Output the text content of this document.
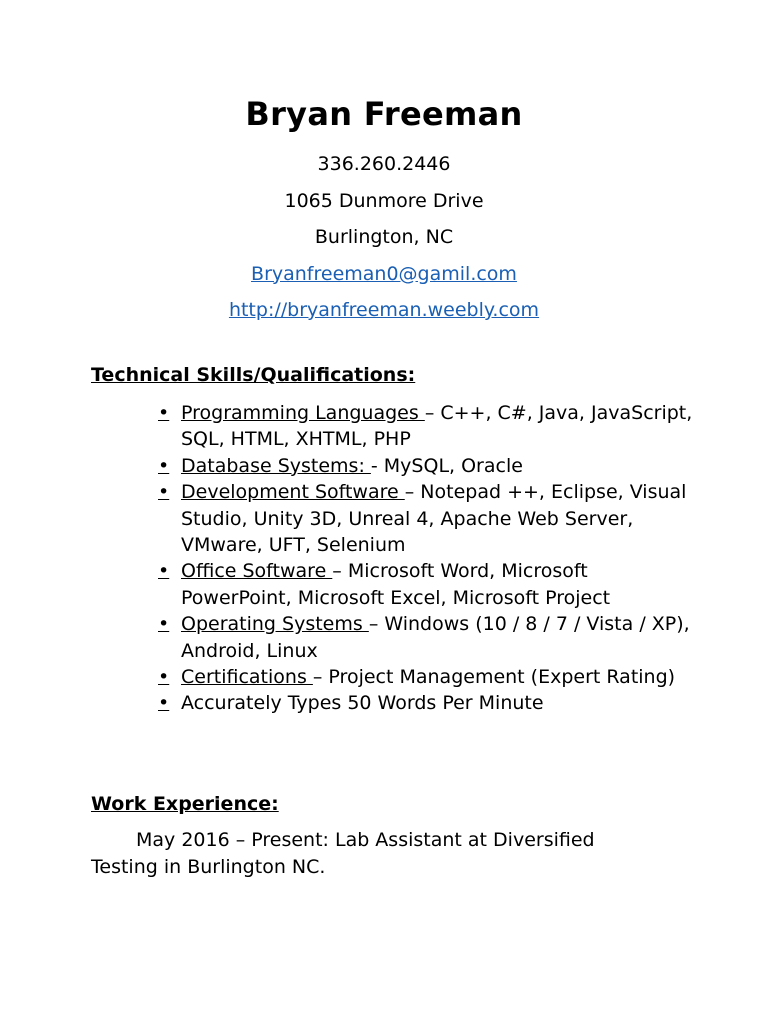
Bryan Freeman
336.260.2446
1065 Dunmore Drive
Burlington, NC
Bryanfreeman0@gamil.com
http://bryanfreeman.weebly.com
Technical Skills/Qualifications:
• Programming Languages – C++, C#, Java, JavaScript, SQL, HTML, XHTML, PHP
• Database Systems: - MySQL, Oracle
• Development Software – Notepad ++, Eclipse, Visual Studio, Unity 3D, Unreal 4, Apache Web Server, VMware, UFT, Selenium
• Office Software – Microsoft Word, Microsoft PowerPoint, Microsoft Excel, Microsoft Project
• Operating Systems – Windows (10 / 8 / 7 / Vista / XP), Android, Linux
• Certifications – Project Management (Expert Rating)
• Accurately Types 50 Words Per Minute
Work Experience:

May 2016 – Present: Lab Assistant at Diversified Testing in Burlington NC.
